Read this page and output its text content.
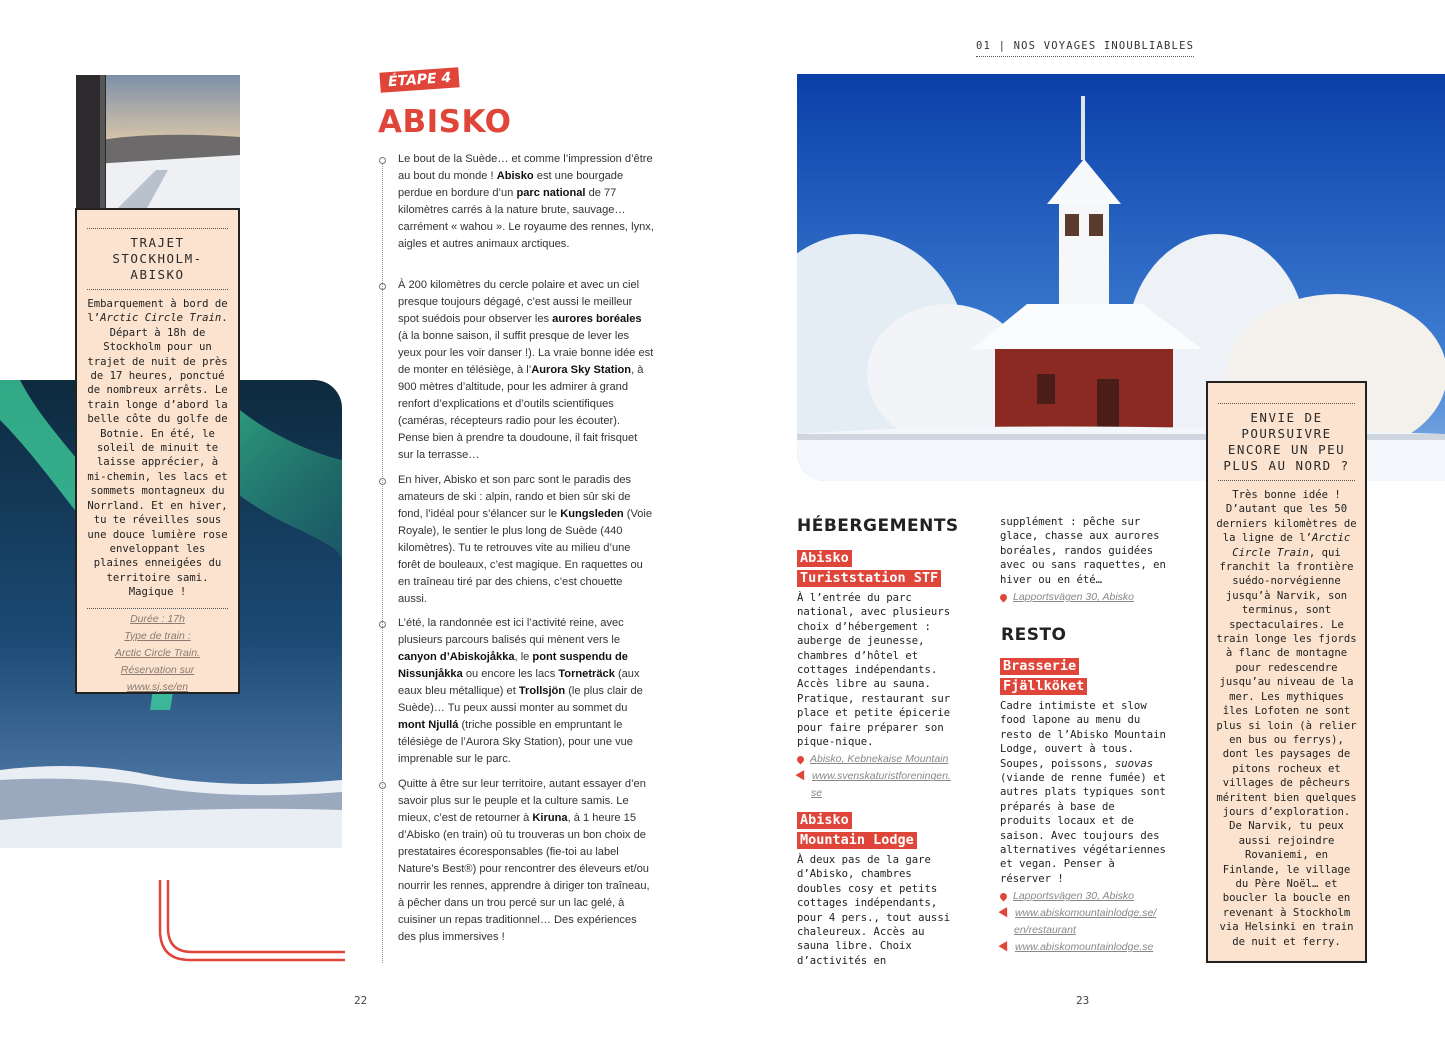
01 | NOS VOYAGES INOUBLIABLES
TRAJET
STOCKHOLM-
ABISKO
Embarquement à bord de l’Arctic Circle Train. Départ à 18h de Stockholm pour un trajet de nuit de près de 17 heures, ponctué de nombreux arrêts. Le train longe d’abord la belle côte du golfe de Botnie. En été, le soleil de minuit te laisse apprécier, à mi-chemin, les lacs et sommets montagneux du Norrland. Et en hiver, tu te réveilles sous une douce lumière rose enveloppant les plaines enneigées du territoire sami. Magique !
Durée : 17h
Type de train :
Arctic Circle Train.
Réservation sur
www.sj.se/en
ÉTAPE 4
ABISKO
Le bout de la Suède… et comme l’impression d’être au bout du monde ! Abisko est une bourgade perdue en bordure d’un parc national de 77 kilomètres carrés à la nature brute, sauvage… carrément « wahou ». Le royaume des rennes, lynx, aigles et autres animaux arctiques.
À 200 kilomètres du cercle polaire et avec un ciel presque toujours dégagé, c’est aussi le meilleur spot suédois pour observer les aurores boréales (à la bonne saison, il suffit presque de lever les yeux pour les voir danser !). La vraie bonne idée est de monter en télésiège, à l’Aurora Sky Station, à 900 mètres d’altitude, pour les admirer à grand renfort d’explications et d’outils scientifiques (caméras, récepteurs radio pour les écouter). Pense bien à prendre ta doudoune, il fait frisquet sur la terrasse…
En hiver, Abisko et son parc sont le paradis des amateurs de ski : alpin, rando et bien sûr ski de fond, l’idéal pour s’élancer sur le Kungsleden (Voie Royale), le sentier le plus long de Suède (440 kilomètres). Tu te retrouves vite au milieu d’une forêt de bouleaux, c’est magique. En raquettes ou en traîneau tiré par des chiens, c’est chouette aussi.
L’été, la randonnée est ici l’activité reine, avec plusieurs parcours balisés qui mènent vers le canyon d’Abiskojåkka, le pont suspendu de Nissunjåkka ou encore les lacs Torneträck (aux eaux bleu métallique) et Trollsjön (le plus clair de Suède)… Tu peux aussi monter au sommet du mont Njullá (triche possible en empruntant le télésiège de l’Aurora Sky Station), pour une vue imprenable sur le parc.
Quitte à être sur leur territoire, autant essayer d’en savoir plus sur le peuple et la culture samis. Le mieux, c’est de retourner à Kiruna, à 1 heure 15 d’Abisko (en train) où tu trouveras un bon choix de prestataires écoresponsables (fie-toi au label Nature’s Best®) pour rencontrer des éleveurs et/ou nourrir les rennes, apprendre à diriger ton traîneau, à pêcher dans un trou percé sur un lac gelé, à cuisiner un repas traditionnel… Des expériences des plus immersives !
22
HÉBERGEMENTS
Abisko
Turiststation STF
À l’entrée du parc national, avec plusieurs choix d’hébergement : auberge de jeunesse, chambres d’hôtel et cottages indépendants. Accès libre au sauna. Pratique, restaurant sur place et petite épicerie pour faire préparer son pique-nique.
Abisko, Kebnekaise Mountain
www.svenskaturistforeningen.
se
Abisko
Mountain Lodge
À deux pas de la gare d’Abisko, chambres doubles cosy et petits cottages indépendants, pour 4 pers., tout aussi chaleureux. Accès au sauna libre. Choix d’activités en
supplément : pêche sur glace, chasse aux aurores boréales, randos guidées avec ou sans raquettes, en hiver ou en été…
Lapportsvägen 30, Abisko
RESTO
Brasserie
Fjällköket
Cadre intimiste et slow food lapone au menu du resto de l’Abisko Mountain Lodge, ouvert à tous. Soupes, poissons, suovas (viande de renne fumée) et autres plats typiques sont préparés à base de produits locaux et de saison. Avec toujours des alternatives végétariennes et vegan. Penser à réserver !
Lapportsvägen 30, Abisko
www.abiskomountainlodge.se/
en/restaurant
www.abiskomountainlodge.se
ENVIE DE
POURSUIVRE
ENCORE UN PEU
PLUS AU NORD ?
Très bonne idée ! D’autant que les 50 derniers kilomètres de la ligne de l’Arctic Circle Train, qui franchit la frontière suédo-norvégienne jusqu’à Narvik, son terminus, sont spectaculaires. Le train longe les fjords à flanc de montagne pour redescendre jusqu’au niveau de la mer. Les mythiques îles Lofoten ne sont plus si loin (à relier en bus ou ferrys), dont les paysages de pitons rocheux et villages de pêcheurs méritent bien quelques jours d’exploration. De Narvik, tu peux aussi rejoindre Rovaniemi, en Finlande, le village du Père Noël… et boucler la boucle en revenant à Stockholm via Helsinki en train de nuit et ferry.
23
